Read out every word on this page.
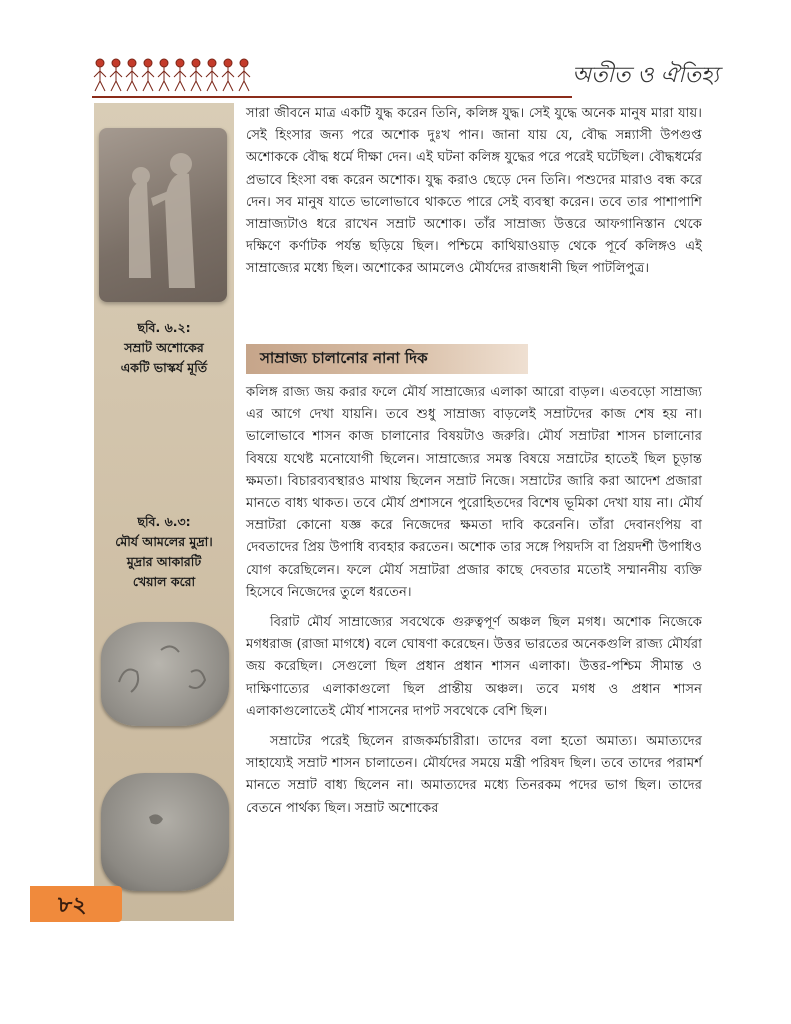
অতীত ও ঐতিহ্য
ছবি. ৬.২:
সম্রাট অশোকের
একটি ভাস্কর্য মূর্তি
ছবি. ৬.৩:
মৌর্য আমলের মুদ্রা।
মুদ্রার আকারটি
খেয়াল করো
৮২

সারা জীবনে মাত্র একটি যুদ্ধ করেন তিনি, কলিঙ্গ যুদ্ধ। সেই যুদ্ধে অনেক মানুষ মারা যায়। সেই হিংসার জন্য পরে অশোক দুঃখ পান। জানা যায় যে, বৌদ্ধ সন্ন্যাসী উপগুপ্ত অশোককে বৌদ্ধ ধর্মে দীক্ষা দেন। এই ঘটনা কলিঙ্গ যুদ্ধের পরে পরেই ঘটেছিল। বৌদ্ধধর্মের প্রভাবে হিংসা বন্ধ করেন অশোক। যুদ্ধ করাও ছেড়ে দেন তিনি। পশুদের মারাও বন্ধ করে দেন। সব মানুষ যাতে ভালোভাবে থাকতে পারে সেই ব্যবস্থা করেন। তবে তার পাশাপাশি সাম্রাজ্যটাও ধরে রাখেন সম্রাট অশোক। তাঁর সাম্রাজ্য উত্তরে আফগানিস্তান থেকে দক্ষিণে কর্ণাটক পর্যন্ত ছড়িয়ে ছিল। পশ্চিমে কাথিয়াওয়াড় থেকে পূর্বে কলিঙ্গও এই সাম্রাজ্যের মধ্যে ছিল। অশোকের আমলেও মৌর্যদের রাজধানী ছিল পাটলিপুত্র।

সাম্রাজ্য চালানোর নানা দিক

কলিঙ্গ রাজ্য জয় করার ফলে মৌর্য সাম্রাজ্যের এলাকা আরো বাড়ল। এতবড়ো সাম্রাজ্য এর আগে দেখা যায়নি। তবে শুধু সাম্রাজ্য বাড়লেই সম্রাটদের কাজ শেষ হয় না। ভালোভাবে শাসন কাজ চালানোর বিষয়টাও জরুরি। মৌর্য সম্রাটরা শাসন চালানোর বিষয়ে যথেষ্ট মনোযোগী ছিলেন। সাম্রাজ্যের সমস্ত বিষয়ে সম্রাটের হাতেই ছিল চূড়ান্ত ক্ষমতা। বিচারব্যবস্থারও মাথায় ছিলেন সম্রাট নিজে। সম্রাটের জারি করা আদেশ প্রজারা মানতে বাধ্য থাকত। তবে মৌর্য প্রশাসনে পুরোহিতদের বিশেষ ভূমিকা দেখা যায় না। মৌর্য সম্রাটরা কোনো যজ্ঞ করে নিজেদের ক্ষমতা দাবি করেননি। তাঁরা দেবানংপিয় বা দেবতাদের প্রিয় উপাধি ব্যবহার করতেন। অশোক তার সঙ্গে পিয়দসি বা প্রিয়দর্শী উপাধিও যোগ করেছিলেন। ফলে মৌর্য সম্রাটরা প্রজার কাছে দেবতার মতোই সম্মাননীয় ব্যক্তি হিসেবে নিজেদের তুলে ধরতেন।

বিরাট মৌর্য সাম্রাজ্যের সবথেকে গুরুত্বপূর্ণ অঞ্চল ছিল মগধ। অশোক নিজেকে মগধরাজ (রাজা মাগধে) বলে ঘোষণা করেছেন। উত্তর ভারতের অনেকগুলি রাজ্য মৌর্যরা জয় করেছিল। সেগুলো ছিল প্রধান প্রধান শাসন এলাকা। উত্তর-পশ্চিম সীমান্ত ও দাক্ষিণাত্যের এলাকাগুলো ছিল প্রান্তীয় অঞ্চল। তবে মগধ ও প্রধান শাসন এলাকাগুলোতেই মৌর্য শাসনের দাপট সবথেকে বেশি ছিল।

সম্রাটের পরেই ছিলেন রাজকর্মচারীরা। তাদের বলা হতো অমাত্য। অমাত্যদের সাহায্যেই সম্রাট শাসন চালাতেন। মৌর্যদের সময়ে মন্ত্রী পরিষদ ছিল। তবে তাদের পরামর্শ মানতে সম্রাট বাধ্য ছিলেন না। অমাত্যদের মধ্যে তিনরকম পদের ভাগ ছিল। তাদের বেতনে পার্থক্য ছিল। সম্রাট অশোকের
